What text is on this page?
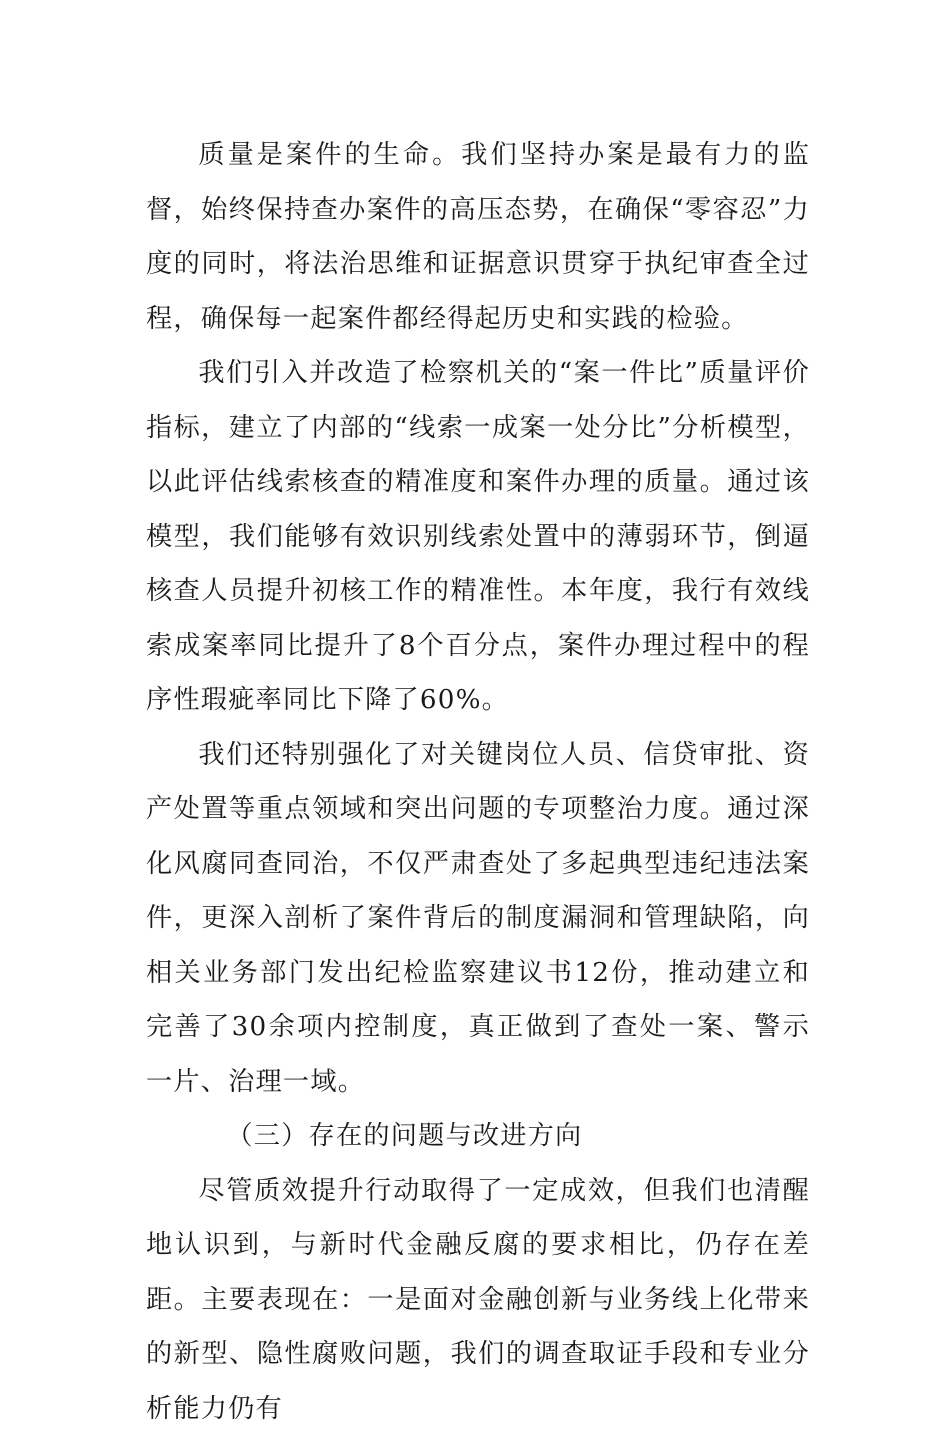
质量是案件的生命。我们坚持办案是最有力的监督，始终保持查办案件的高压态势，在确保“零容忍”力度的同时，将法治思维和证据意识贯穿于执纪审查全过程，确保每一起案件都经得起历史和实践的检验。

我们引入并改造了检察机关的“案一件比”质量评价指标，建立了内部的“线索一成案一处分比”分析模型，以此评估线索核查的精准度和案件办理的质量。通过该模型，我们能够有效识别线索处置中的薄弱环节，倒逼核查人员提升初核工作的精准性。本年度，我行有效线索成案率同比提升了8个百分点，案件办理过程中的程序性瑕疵率同比下降了60%。

我们还特别强化了对关键岗位人员、信贷审批、资产处置等重点领域和突出问题的专项整治力度。通过深化风腐同查同治，不仅严肃查处了多起典型违纪违法案件，更深入剖析了案件背后的制度漏洞和管理缺陷，向相关业务部门发出纪检监察建议书12份，推动建立和完善了30余项内控制度，真正做到了查处一案、警示一片、治理一域。

（三）存在的问题与改进方向

尽管质效提升行动取得了一定成效，但我们也清醒地认识到，与新时代金融反腐的要求相比，仍存在差距。主要表现在：一是面对金融创新与业务线上化带来的新型、隐性腐败问题，我们的调查取证手段和专业分析能力仍有
